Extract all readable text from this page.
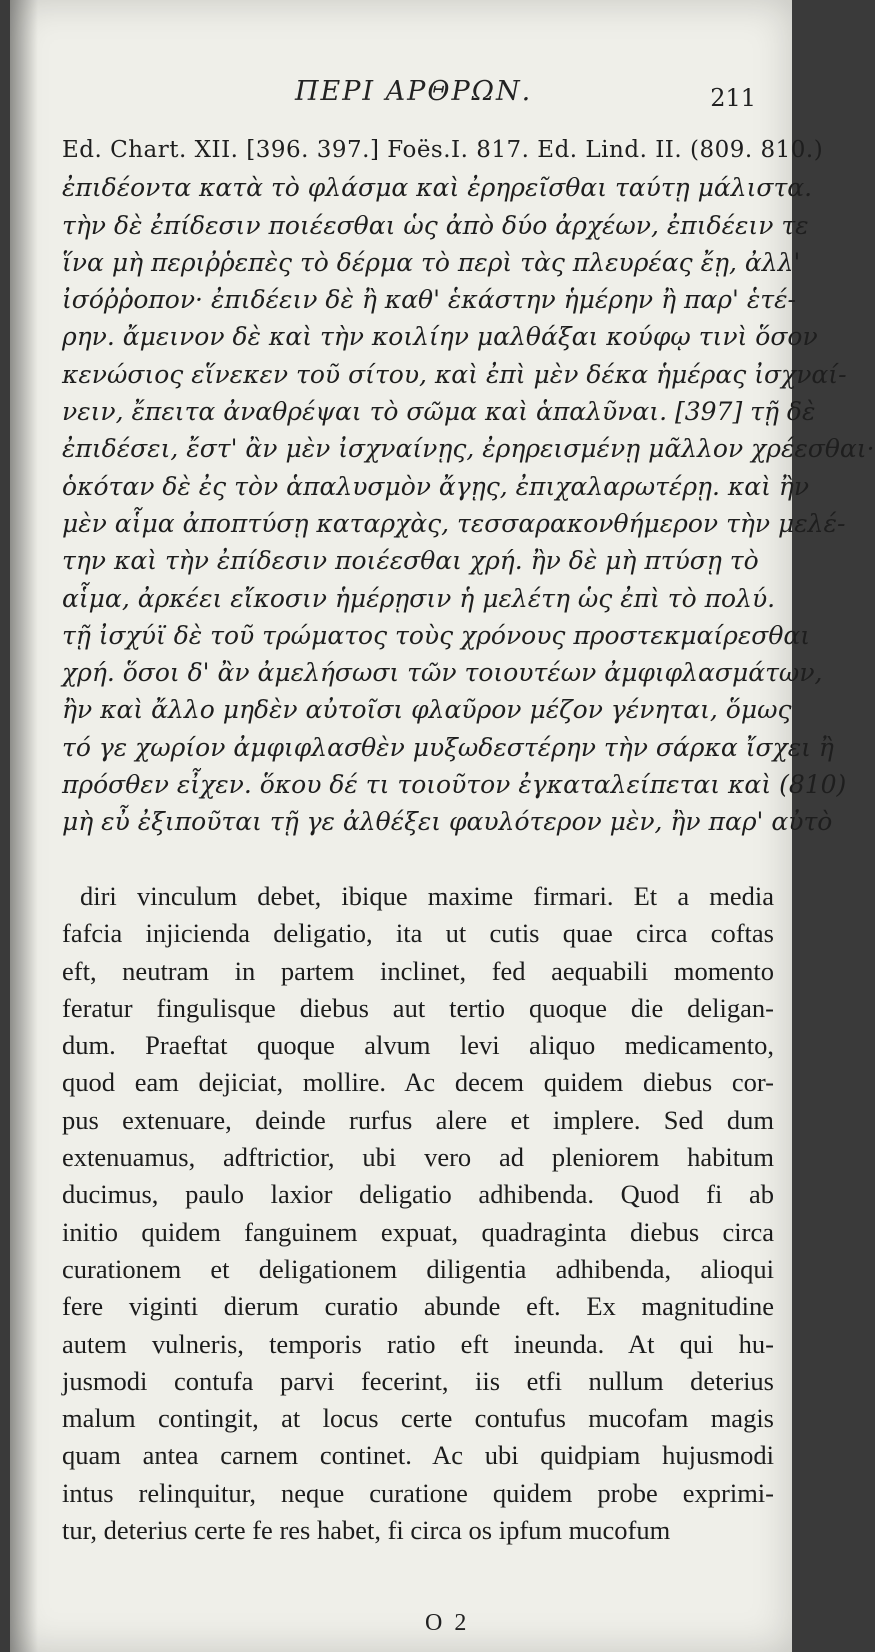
ΠΕΡΙ ΑΡΘΡΩΝ.	211
Ed. Chart. XII. [396. 397.] Foës.I. 817. Ed. Lind. II. (809. 810.)
ἐπιδέοντα κατὰ τὸ φλάσμα καὶ ἐρηρεῖσθαι ταύτῃ μάλιστα.
τὴν δὲ ἐπίδεσιν ποιέεσθαι ὡς ἀπὸ δύο ἀρχέων, ἐπιδέειν τε
ἵνα μὴ περιῤῥεπὲς τὸ δέρμα τὸ περὶ τὰς πλευρέας ἔῃ, ἀλλ'
ἰσόῤῥοπον· ἐπιδέειν δὲ ἢ καθ' ἑκάστην ἡμέρην ἢ παρ' ἑτέ-
ρην. ἄμεινον δὲ καὶ τὴν κοιλίην μαλθάξαι κούφῳ τινὶ ὅσον
κενώσιος εἵνεκεν τοῦ σίτου, καὶ ἐπὶ μὲν δέκα ἡμέρας ἰσχναί-
νειν, ἔπειτα ἀναθρέψαι τὸ σῶμα καὶ ἁπαλῦναι. [397] τῇ δὲ
ἐπιδέσει, ἔστ' ἂν μὲν ἰσχναίνῃς, ἐρηρεισμένῃ μᾶλλον χρέεσθαι·
ὁκόταν δὲ ἐς τὸν ἁπαλυσμὸν ἄγῃς, ἐπιχαλαρωτέρῃ. καὶ ἢν
μὲν αἷμα ἀποπτύσῃ καταρχὰς, τεσσαρακονθήμερον τὴν μελέ-
την καὶ τὴν ἐπίδεσιν ποιέεσθαι χρή. ἢν δὲ μὴ πτύσῃ τὸ
αἷμα, ἀρκέει εἴκοσιν ἡμέρῃσιν ἡ μελέτη ὡς ἐπὶ τὸ πολύ.
τῇ ἰσχύϊ δὲ τοῦ τρώματος τοὺς χρόνους προστεκμαίρεσθαι
χρή. ὅσοι δ' ἂν ἀμελήσωσι τῶν τοιουτέων ἀμφιφλασμάτων,
ἢν καὶ ἄλλο μηδὲν αὐτοῖσι φλαῦρον μέζον γένηται, ὅμως
τό γε χωρίον ἀμφιφλασθὲν μυξωδεστέρην τὴν σάρκα ἴσχει ἢ
πρόσθεν εἶχεν. ὅκου δέ τι τοιοῦτον ἐγκαταλείπεται καὶ (810)
μὴ εὖ ἐξιποῦται τῇ γε ἀλθέξει φαυλότερον μὲν, ἢν παρ' αὐτὸ
diri vinculum debet, ibique maxime firmari. Et a media
fafcia injicienda deligatio, ita ut cutis quae circa coftas
eft, neutram in partem inclinet, fed aequabili momento
feratur fingulisque diebus aut tertio quoque die deligan-
dum. Praeftat quoque alvum levi aliquo medicamento,
quod eam dejiciat, mollire. Ac decem quidem diebus cor-
pus extenuare, deinde rurfus alere et implere. Sed dum
extenuamus, adftrictior, ubi vero ad pleniorem habitum
ducimus, paulo laxior deligatio adhibenda. Quod fi ab
initio quidem fanguinem expuat, quadraginta diebus circa
curationem et deligationem diligentia adhibenda, alioqui
fere viginti dierum curatio abunde eft. Ex magnitudine
autem vulneris, temporis ratio eft ineunda. At qui hu-
jusmodi contufa parvi fecerint, iis etfi nullum deterius
malum contingit, at locus certe contufus mucofam magis
quam antea carnem continet. Ac ubi quidpiam hujusmodi
intus relinquitur, neque curatione quidem probe exprimi-
tur, deterius certe fe res habet, fi circa os ipfum mucofum
O 2
